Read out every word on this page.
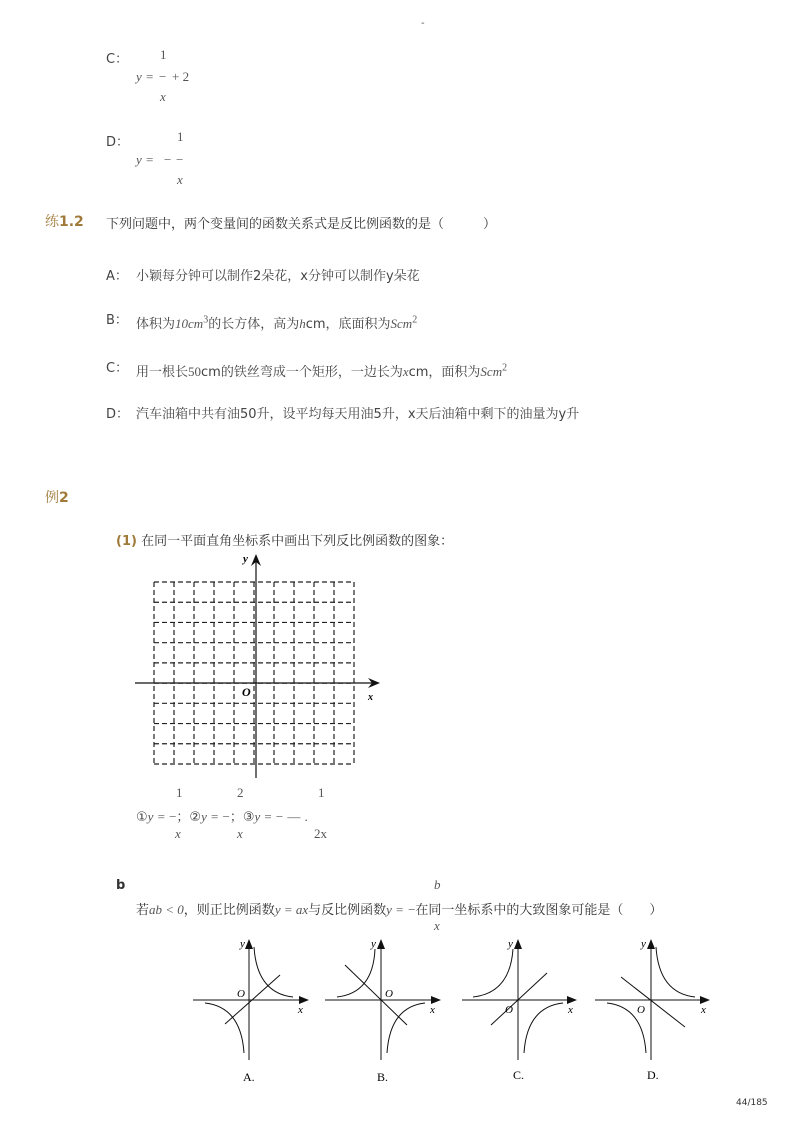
-
C： 1
y = − + 2
x
D：	1
y = − −
x
练1.2 下列问题中，两个变量间的函数关系式是反比例函数的是（　　　）
A： 小颖每分钟可以制作2朵花，x分钟可以制作y朵花
B： 体积为$10cm^3$的长方体，高为hcm，底面积为Scm$^2$
C： 用一根长50cm的铁丝弯成一个矩形，一边长为xcm，面积为Scm$^2$
D： 汽车油箱中共有油50升，设平均每天用油5升，x天后油箱中剩下的油量为y升
例2
(1) 在同一平面直角坐标系中画出下列反比例函数的图象：
y
x
O
1	2	1
①y = −；②y = −；③y = − — .
x	x	2x
b	b
若ab < 0，则正比例函数y = ax与反比例函数y = −在同一坐标系中的大致图象可能是（　　）
x
y
x
O
A.
y
x
O
B.
y
x
O
C.
y
x
O
D.
44/185
